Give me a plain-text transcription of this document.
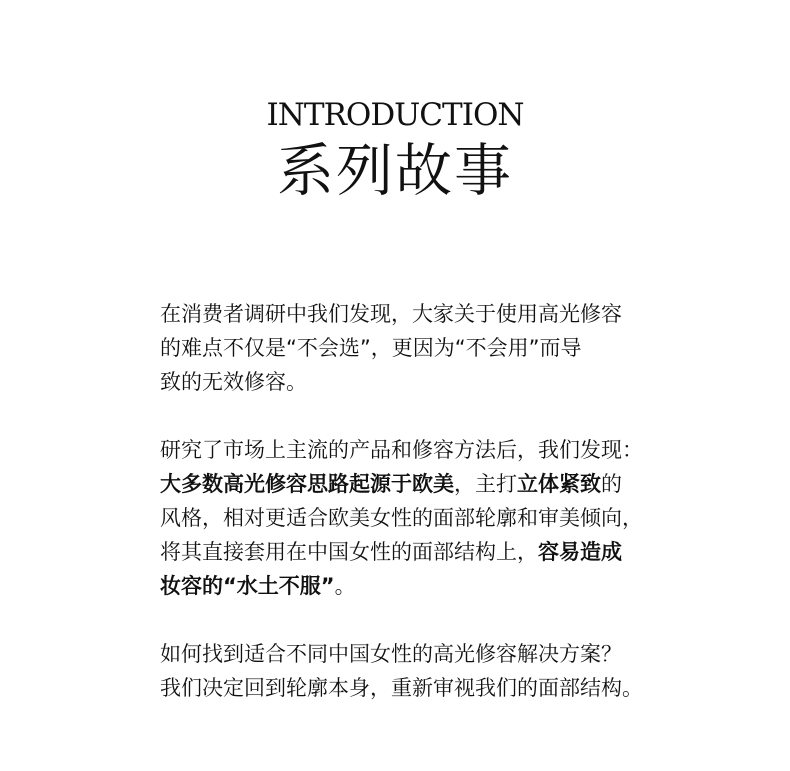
INTRODUCTION
系列故事
在消费者调研中我们发现，大家关于使用高光修容
的难点不仅是“不会选”，更因为“不会用”而导
致的无效修容。
研究了市场上主流的产品和修容方法后，我们发现：
大多数高光修容思路起源于欧美，主打立体紧致的
风格，相对更适合欧美女性的面部轮廓和审美倾向，
将其直接套用在中国女性的面部结构上，容易造成
妆容的“水土不服”。
如何找到适合不同中国女性的高光修容解决方案？
我们决定回到轮廓本身，重新审视我们的面部结构。
